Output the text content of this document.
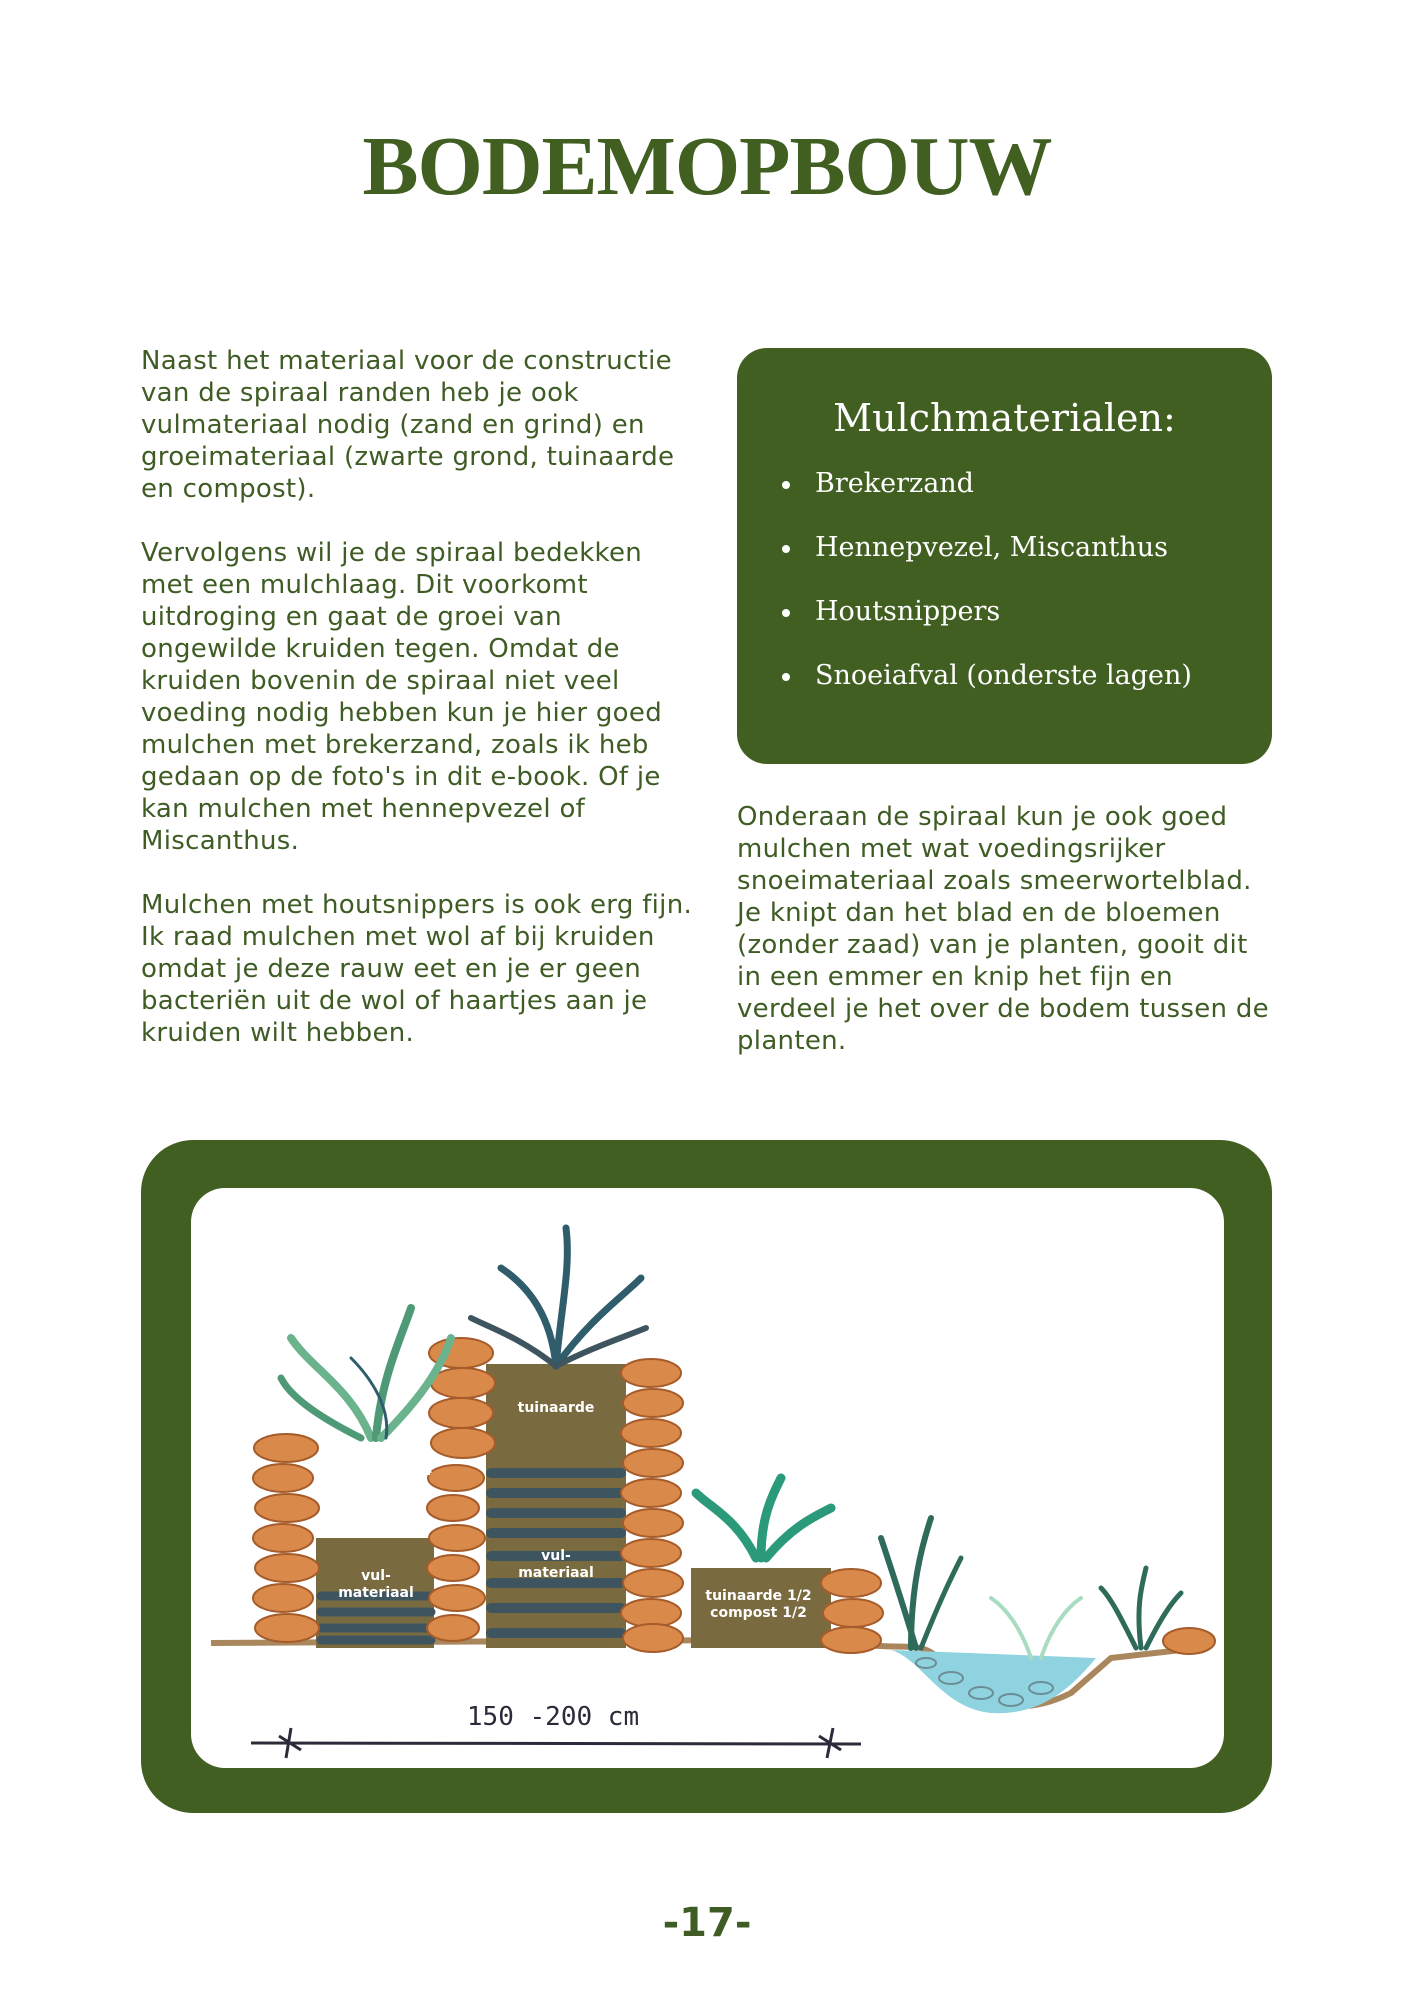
BODEMOPBOUW

Naast het materiaal voor de constructie van de spiraal randen heb je ook vulmateriaal nodig (zand en grind) en groeimateriaal (zwarte grond, tuinaarde en compost).

Vervolgens wil je de spiraal bedekken met een mulchlaag. Dit voorkomt uitdroging en gaat de groei van ongewilde kruiden tegen. Omdat de kruiden bovenin de spiraal niet veel voeding nodig hebben kun je hier goed mulchen met brekerzand, zoals ik heb gedaan op de foto's in dit e-book. Of je kan mulchen met hennepvezel of Miscanthus.

Mulchen met houtsnippers is ook erg fijn. Ik raad mulchen met wol af bij kruiden omdat je deze rauw eet en je er geen bacteriën uit de wol of haartjes aan je kruiden wilt hebben.

Mulchmaterialen:
Brekerzand
Hennepvezel, Miscanthus
Houtsnippers
Snoeiafval (onderste lagen)

Onderaan de spiraal kun je ook goed mulchen met wat voedingsrijker snoeimateriaal zoals smeerwortelblad. Je knipt dan het blad en de bloemen (zonder zaad) van je planten, gooit dit in een emmer en knip het fijn en verdeel je het over de bodem tussen de planten.

tuinaarde 3/4
compost 1/4
vul-
materiaal
tuinaarde
vul-
materiaal
tuinaarde 1/2
compost 1/2
150 -200 cm
-17-
